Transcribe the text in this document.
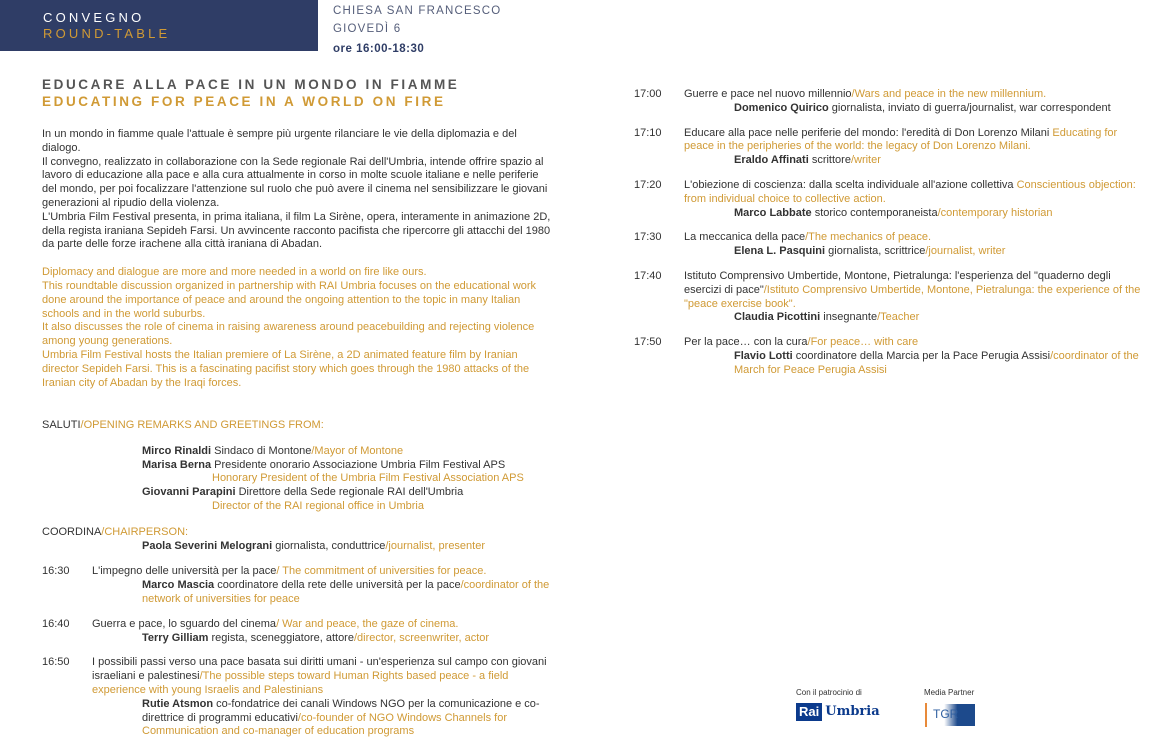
CONVEGNO
ROUND-TABLE
CHIESA SAN FRANCESCO
GIOVEDÌ 6
ore 16:00-18:30
EDUCARE ALLA PACE IN UN MONDO IN FIAMME
EDUCATING FOR PEACE IN A WORLD ON FIRE

In un mondo in fiamme quale l'attuale è sempre più urgente rilanciare le vie della diplomazia e del dialogo.

Il convegno, realizzato in collaborazione con la Sede regionale Rai dell'Umbria, intende offrire spazio al lavoro di educazione alla pace e alla cura attualmente in corso in molte scuole italiane e nelle periferie del mondo, per poi focalizzare l'attenzione sul ruolo che può avere il cinema nel sensibilizzare le giovani generazioni al ripudio della violenza.

L'Umbria Film Festival presenta, in prima italiana, il film La Sirène, opera, interamente in animazione 2D, della regista iraniana Sepideh Farsi. Un avvincente racconto pacifista che ripercorre gli attacchi del 1980 da parte delle forze irachene alla città iraniana di Abadan.

Diplomacy and dialogue are more and more needed in a world on fire like ours.

This roundtable discussion organized in partnership with RAI Umbria focuses on the educational work done around the importance of peace and around the ongoing attention to the topic in many Italian schools and in the world suburbs.

It also discusses the role of cinema in raising awareness around peacebuilding and rejecting violence among young generations.

Umbria Film Festival hosts the Italian premiere of La Sirène, a 2D animated feature film by Iranian director Sepideh Farsi. This is a fascinating pacifist story which goes through the 1980 attacks of the Iranian city of Abadan by the Iraqi forces.

SALUTI/OPENING REMARKS AND GREETINGS FROM:
Mirco Rinaldi Sindaco di Montone/Mayor of Montone
Marisa Berna Presidente onorario Associazione Umbria Film Festival APS
Honorary President of the Umbria Film Festival Association APS
Giovanni Parapini Direttore della Sede regionale RAI dell'Umbria
Director of the RAI regional office in Umbria
COORDINA/CHAIRPERSON:
Paola Severini Melograni giornalista, conduttrice/journalist, presenter
16:30	L'impegno delle università per la pace/ The commitment of universities for peace.
Marco Mascia coordinatore della rete delle università per la pace/coordinator of the network of universities for peace
16:40	Guerra e pace, lo sguardo del cinema/ War and peace, the gaze of cinema.
Terry Gilliam regista, sceneggiatore, attore/director, screenwriter, actor
16:50	I possibili passi verso una pace basata sui diritti umani - un'esperienza sul campo con giovani israeliani e palestinesi/The possible steps toward Human Rights based peace - a field experience with young Israelis and Palestinians
Rutie Atsmon co-fondatrice dei canali Windows NGO per la comunicazione e co-direttrice di programmi educativi/co-founder of NGO Windows Channels for Communication and co-manager of education programs
17:00	Guerre e pace nel nuovo millennio/Wars and peace in the new millennium.
Domenico Quirico giornalista, inviato di guerra/journalist, war correspondent
17:10	Educare alla pace nelle periferie del mondo: l'eredità di Don Lorenzo Milani Educating for peace in the peripheries of the world: the legacy of Don Lorenzo Milani.
Eraldo Affinati scrittore/writer
17:20	L'obiezione di coscienza: dalla scelta individuale all'azione collettiva Conscientious objection: from individual choice to collective action.
Marco Labbate storico contemporaneista/contemporary historian
17:30	La meccanica della pace/The mechanics of peace.
Elena L. Pasquini giornalista, scrittrice/journalist, writer
17:40	Istituto Comprensivo Umbertide, Montone, Pietralunga: l'esperienza del "quaderno degli esercizi di pace"/Istituto Comprensivo Umbertide, Montone, Pietralunga: the experience of the "peace exercise book".
Claudia Picottini insegnante/Teacher
17:50	Per la pace… con la cura/For peace… with care
Flavio Lotti coordinatore della Marcia per la Pace Perugia Assisi/coordinator of the March for Peace Perugia Assisi
Con il patrocinio di	Media Partner
Rai Umbria	TGR
